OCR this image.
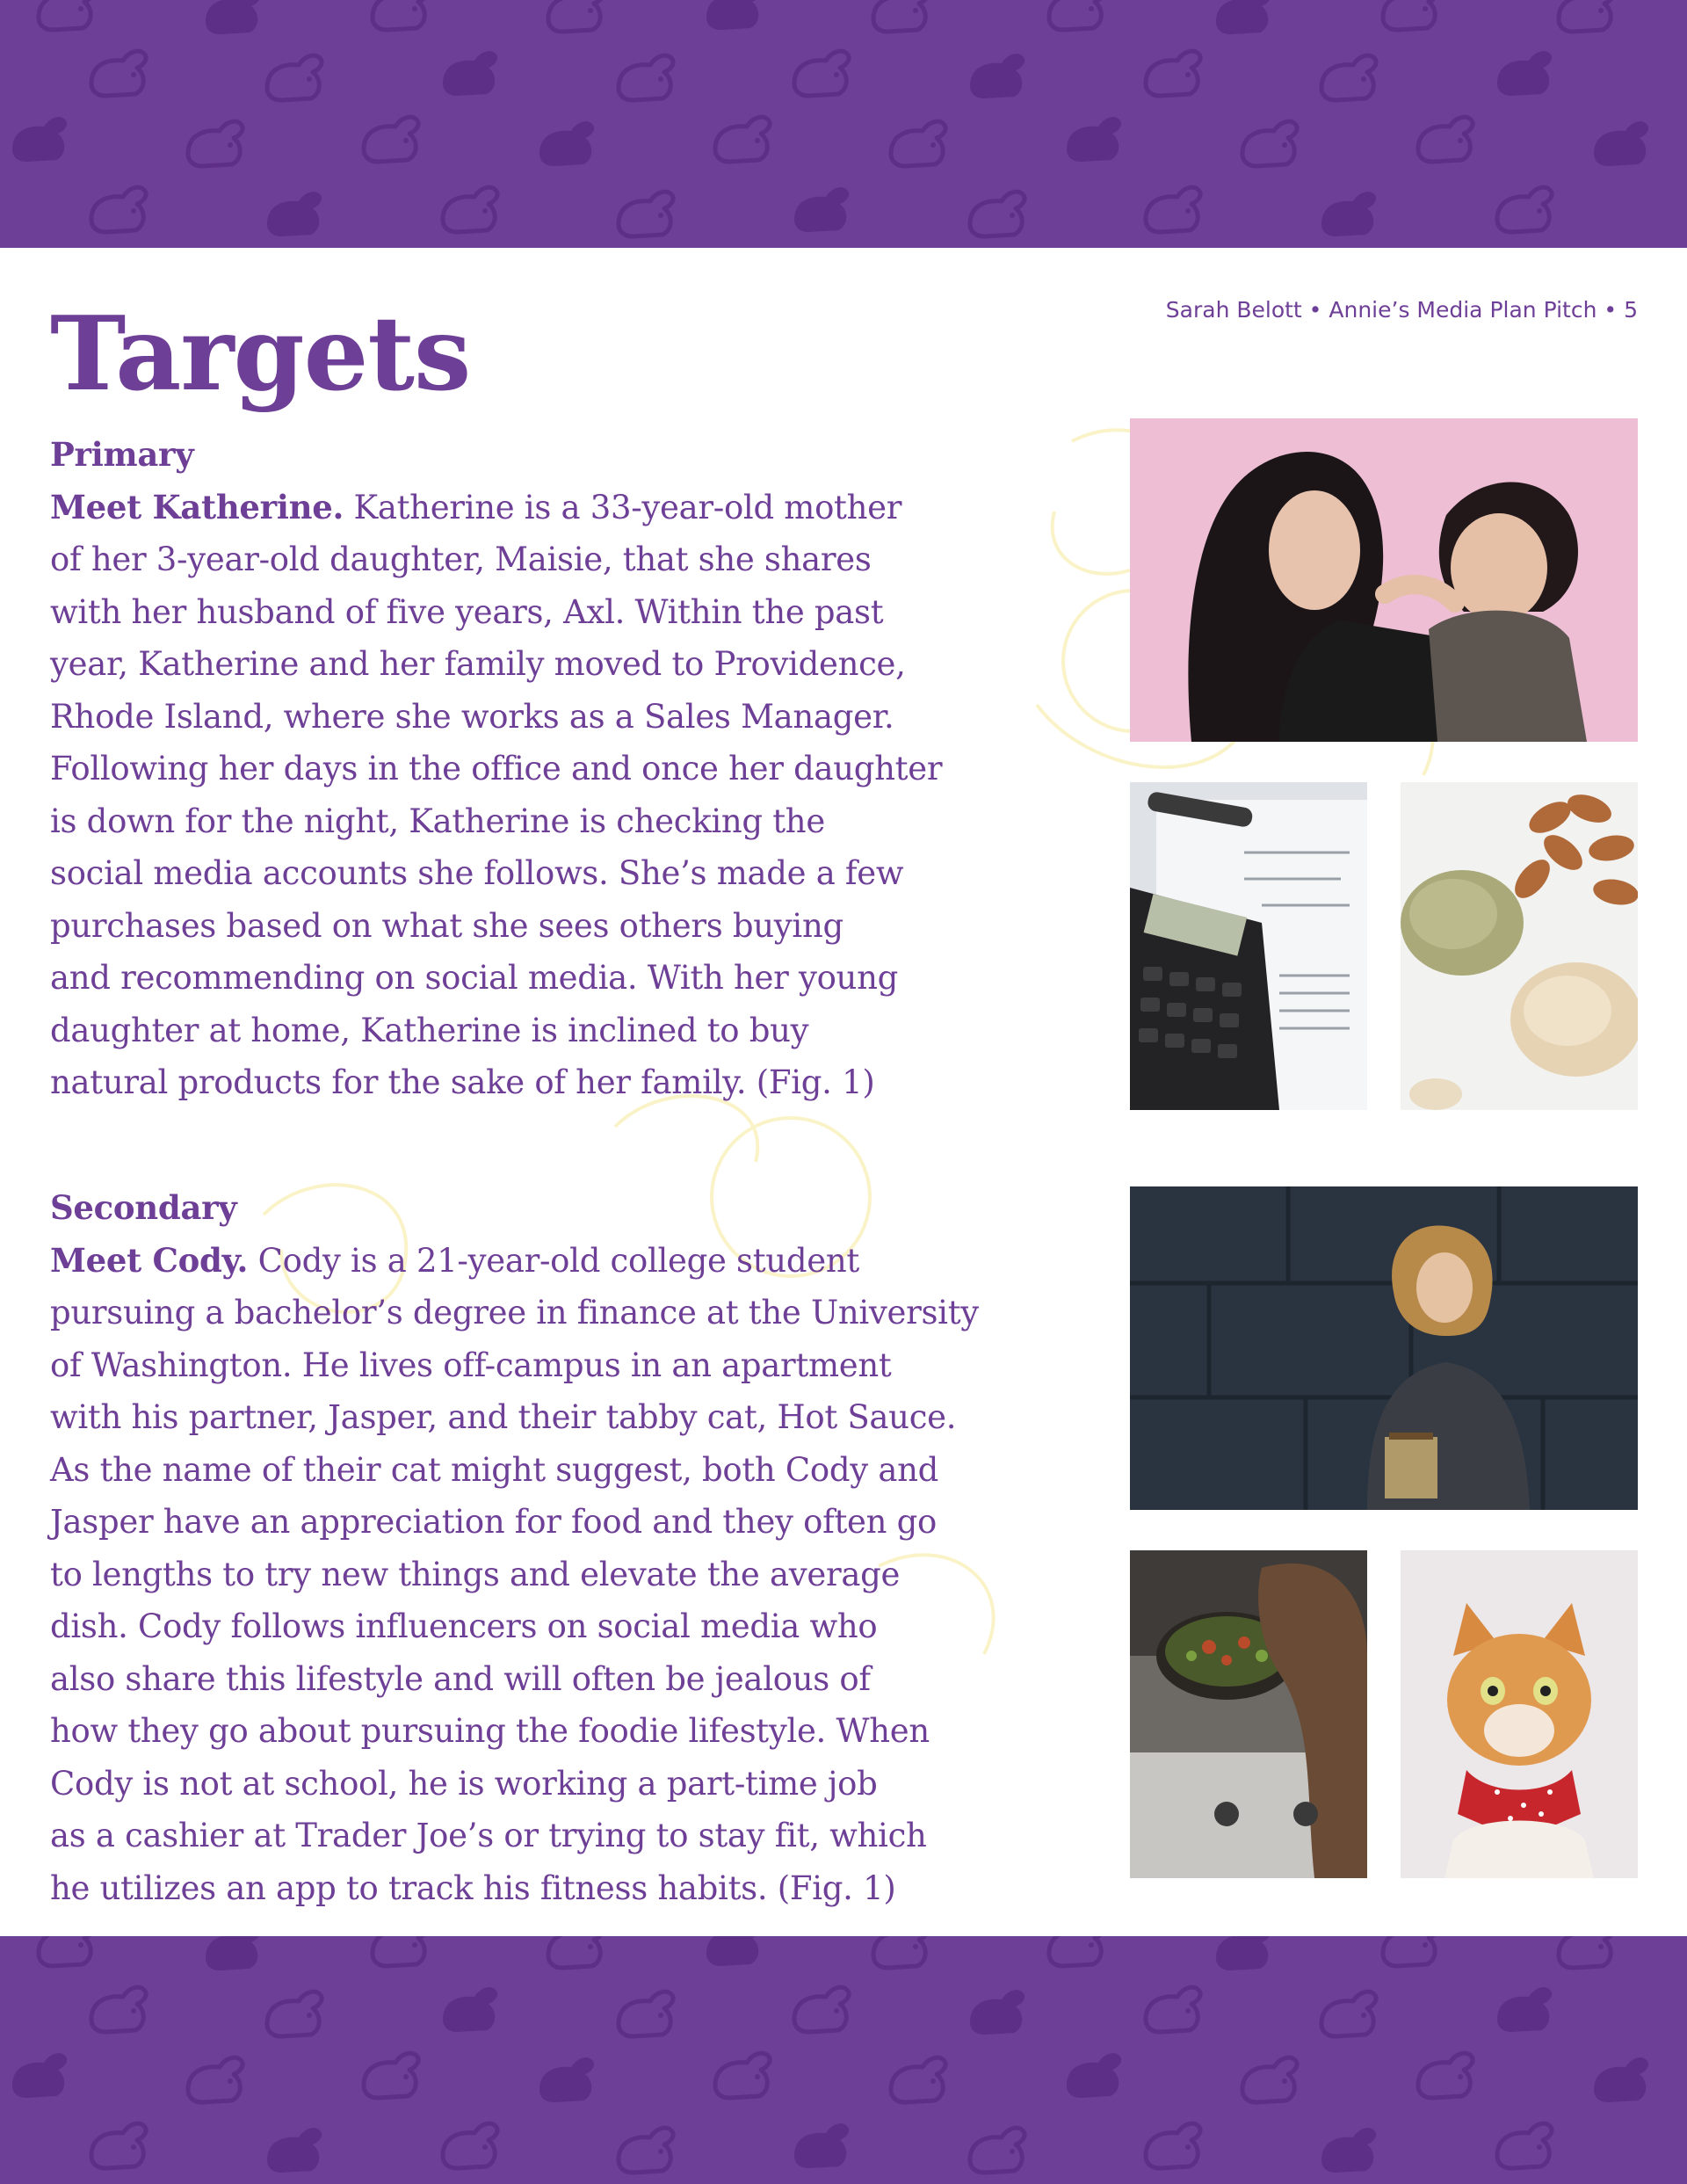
Sarah Belott • Annie’s Media Plan Pitch • 5
Targets
Primary
Meet Katherine. Katherine is a 33-year-old mother
of her 3-year-old daughter, Maisie, that she shares
with her husband of five years, Axl. Within the past
year, Katherine and her family moved to Providence,
Rhode Island, where she works as a Sales Manager.
Following her days in the office and once her daughter
is down for the night, Katherine is checking the
social media accounts she follows. She’s made a few
purchases based on what she sees others buying
and recommending on social media. With her young
daughter at home, Katherine is inclined to buy
natural products for the sake of her family. (Fig. 1)
Secondary
Meet Cody. Cody is a 21-year-old college student
pursuing a bachelor’s degree in finance at the University
of Washington. He lives off-campus in an apartment
with his partner, Jasper, and their tabby cat, Hot Sauce.
As the name of their cat might suggest, both Cody and
Jasper have an appreciation for food and they often go
to lengths to try new things and elevate the average
dish. Cody follows influencers on social media who
also share this lifestyle and will often be jealous of
how they go about pursuing the foodie lifestyle. When
Cody is not at school, he is working a part-time job
as a cashier at Trader Joe’s or trying to stay fit, which
he utilizes an app to track his fitness habits. (Fig. 1)
